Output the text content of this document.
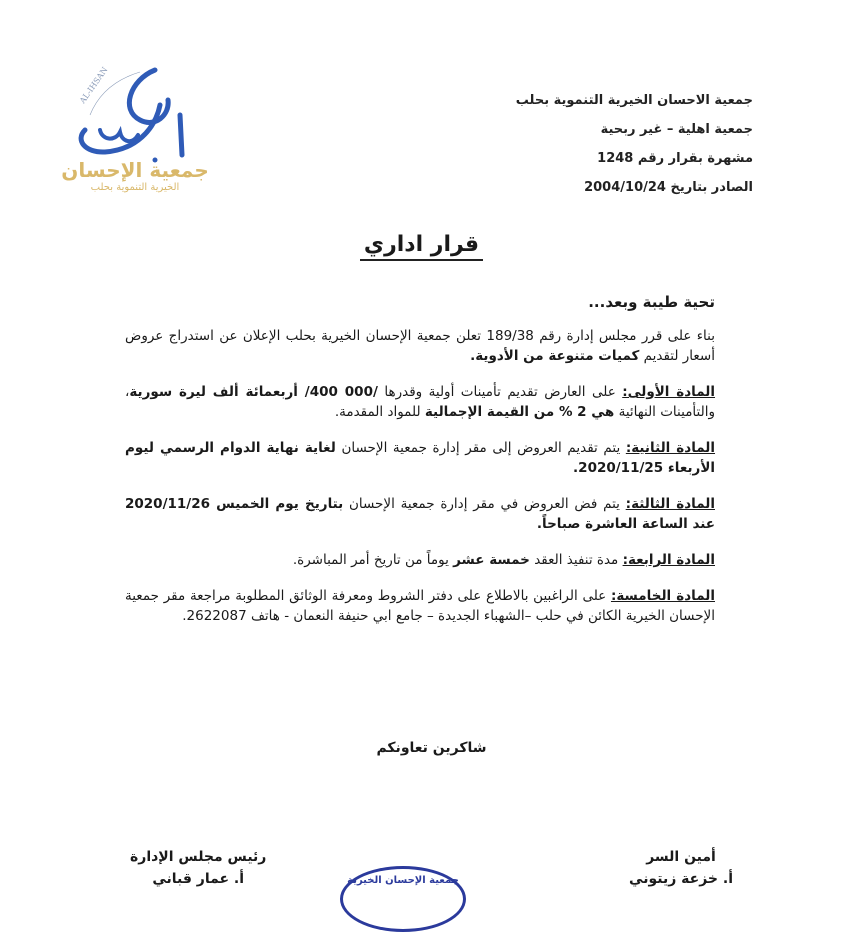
جمعية الإحسان
الخيرية التنموية بحلب
AL-IHSAN	جمعية الاحسان الخيرية التنموية بحلب
جمعية اهلية – غير ربحية
مشهرة بقرار رقم 1248
الصادر بتاريخ 2004/10/24
قرار اداري
تحية طيبة وبعد...
بناء على قرر مجلس إدارة رقم 189/38 تعلن جمعية الإحسان الخيرية بحلب الإعلان عن استدراج عروض أسعار لتقديم كميات متنوعة من الأدوية.
المادة الأولى: على العارض تقديم تأمينات أولية وقدرها /000 400/ أربعمائة ألف ليرة سورية، والتأمينات النهائية هي 2 % من القيمة الإجمالية للمواد المقدمة.
المادة الثانية: يتم تقديم العروض إلى مقر إدارة جمعية الإحسان لغاية نهاية الدوام الرسمي ليوم الأربعاء 2020/11/25.
المادة الثالثة: يتم فض العروض في مقر إدارة جمعية الإحسان بتاريخ يوم الخميس 2020/11/26 عند الساعة العاشرة صباحاً.
المادة الرابعة: مدة تنفيذ العقد خمسة عشر يوماً من تاريخ أمر المباشرة.
المادة الخامسة: على الراغبين بالاطلاع على دفتر الشروط ومعرفة الوثائق المطلوبة مراجعة مقر جمعية الإحسان الخيرية الكائن في حلب –الشهباء الجديدة – جامع ابي حنيفة النعمان - هاتف 2622087.
شاكرين تعاونكم
أمين السر
أ. خزعة زيتوني
رئيس مجلس الإدارة
أ. عمار قباني	جمعية الإحسان الخيرية
